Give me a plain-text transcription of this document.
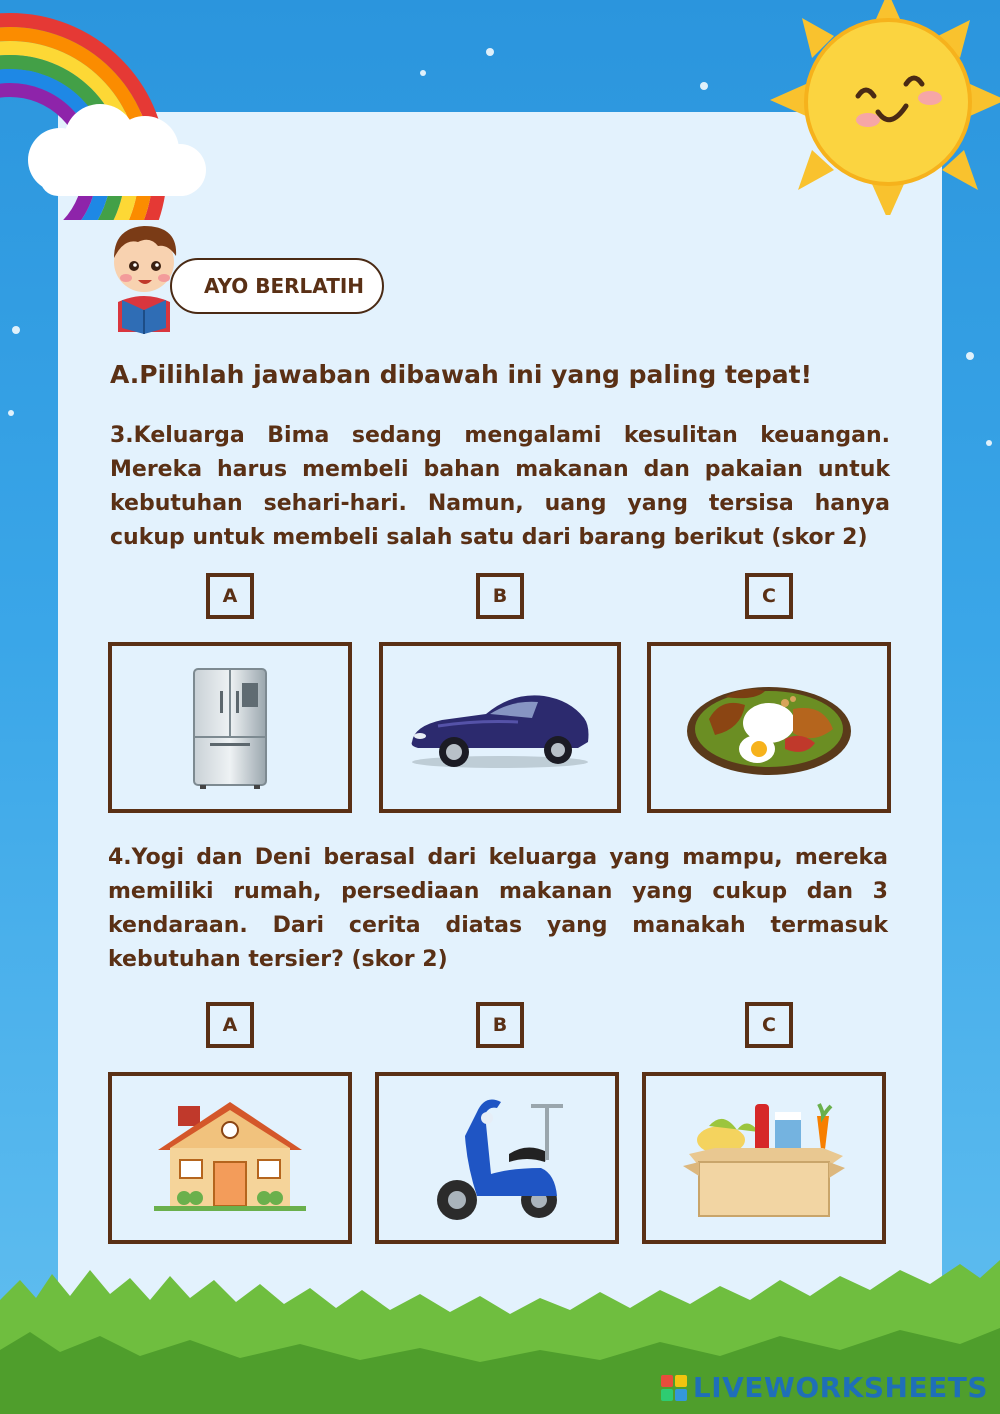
AYO BERLATIH
A.Pilihlah jawaban dibawah ini yang paling tepat!

3.Keluarga Bima sedang mengalami kesulitan keuangan. Mereka harus membeli bahan makanan dan pakaian untuk kebutuhan sehari-hari. Namun, uang yang tersisa hanya cukup untuk membeli salah satu dari barang berikut (skor 2)

A	B	C

4.Yogi dan Deni berasal dari keluarga yang mampu, mereka memiliki rumah, persediaan makanan yang cukup dan 3 kendaraan. Dari cerita diatas yang manakah termasuk kebutuhan tersier? (skor 2)

A	B	C
LIVEWORKSHEETS
